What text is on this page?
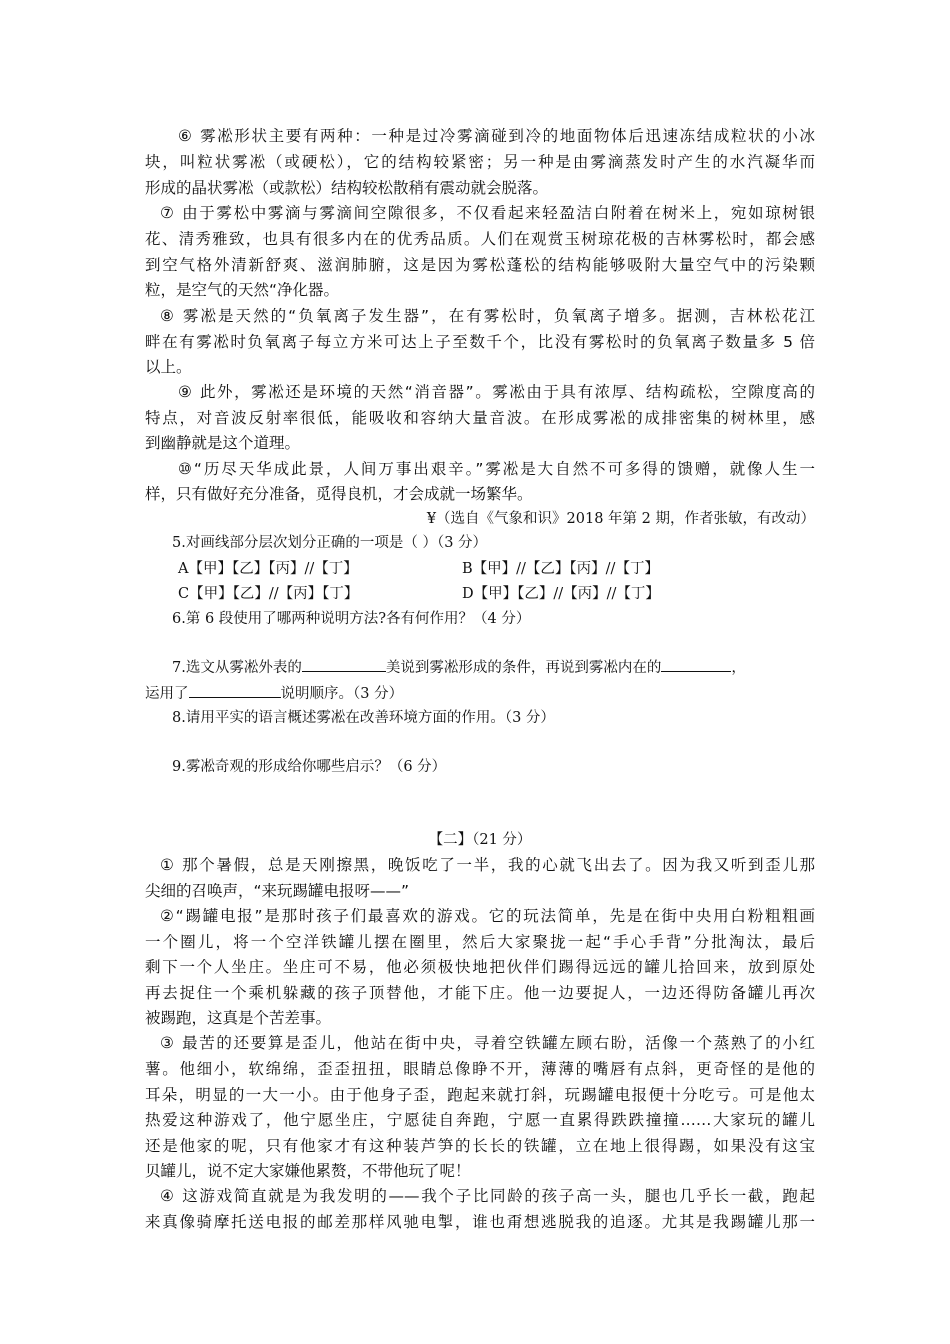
⑥ 雾凇形状主要有两种：一种是过冷雾滴碰到冷的地面物体后迅速冻结成粒状的小冰
块，叫粒状雾凇（或硬松），它的结构较紧密；另一种是由雾滴蒸发时产生的水汽凝华而
形成的晶状雾凇（或款松）结构较松散稍有震动就会脱落。
⑦ 由于雾松中雾滴与雾滴间空隙很多，不仅看起来轻盈洁白附着在树米上，宛如琼树银
花、清秀雅致，也具有很多内在的优秀品质。人们在观赏玉树琼花极的吉林雾松时，都会感
到空气格外清新舒爽、滋润肺腑，这是因为雾松蓬松的结构能够吸附大量空气中的污染颗
粒，是空气的天然“净化器。
⑧ 雾凇是天然的“负氧离子发生器”，在有雾松时，负氧离子增多。据测，吉林松花江
畔在有雾凇时负氧离子每立方米可达上子至数千个，比没有雾松时的负氧离子数量多 5 倍
以上。
⑨ 此外，雾凇还是环境的天然“消音器”。雾凇由于具有浓厚、结构疏松，空隙度高的
特点，对音波反射率很低，能吸收和容纳大量音波。在形成雾凇的成排密集的树林里，感
到幽静就是这个道理。
⑩“历尽天华成此景，人间万事出艰辛。”雾凇是大自然不可多得的馈赠，就像人生一
样，只有做好充分准备，觅得良机，才会成就一场繁华。
¥（选自《气象和识》2018 年第 2 期，作者张敏，有改动）
5.对画线部分层次划分正确的一项是（ ）（3 分）
A【甲】【乙】【丙】//【丁】	B【甲】//【乙】【丙】//【丁】
C【甲】【乙】//【丙】【丁】	D【甲】【乙】//【丙】//【丁】
6.第 6 段使用了哪两种说明方法?各有何作用？（4 分）
7.选文从雾凇外表的	美说到雾凇形成的条件，再说到雾凇内在的	，
运用了	说明顺序。（3 分）
8.请用平实的语言概述雾凇在改善环境方面的作用。（3 分）
9.雾凇奇观的形成给你哪些启示？（6 分）
【二】（21 分）
① 那个暑假，总是天刚擦黑，晚饭吃了一半，我的心就飞出去了。因为我又听到歪儿那
尖细的召唤声，“来玩踢罐电报呀——”
②“踢罐电报”是那时孩子们最喜欢的游戏。它的玩法简单，先是在街中央用白粉粗粗画
一个圈儿，将一个空洋铁罐儿摆在圈里，然后大家聚拢一起“手心手背”分批淘汰，最后
剩下一个人坐庄。坐庄可不易，他必须极快地把伙伴们踢得远远的罐儿拾回来，放到原处
再去捉住一个乘机躲藏的孩子顶替他，才能下庄。他一边要捉人，一边还得防备罐儿再次
被踢跑，这真是个苦差事。
③ 最苦的还要算是歪儿，他站在街中央，寻着空铁罐左顾右盼，活像一个蒸熟了的小红
薯。他细小，软绵绵，歪歪扭扭，眼睛总像睁不开，薄薄的嘴唇有点斜，更奇怪的是他的
耳朵，明显的一大一小。由于他身子歪，跑起来就打斜，玩踢罐电报便十分吃亏。可是他太
热爱这种游戏了，他宁愿坐庄，宁愿徒自奔跑，宁愿一直累得跌跌撞撞……大家玩的罐儿
还是他家的呢，只有他家才有这种装芦笋的长长的铁罐，立在地上很得踢，如果没有这宝
贝罐儿，说不定大家嫌他累赘，不带他玩了呢！
④ 这游戏简直就是为我发明的——我个子比同龄的孩子高一头，腿也几乎长一截，跑起
来真像骑摩托送电报的邮差那样风驰电掣，谁也甭想逃脱我的追逐。尤其是我踢罐儿那一
